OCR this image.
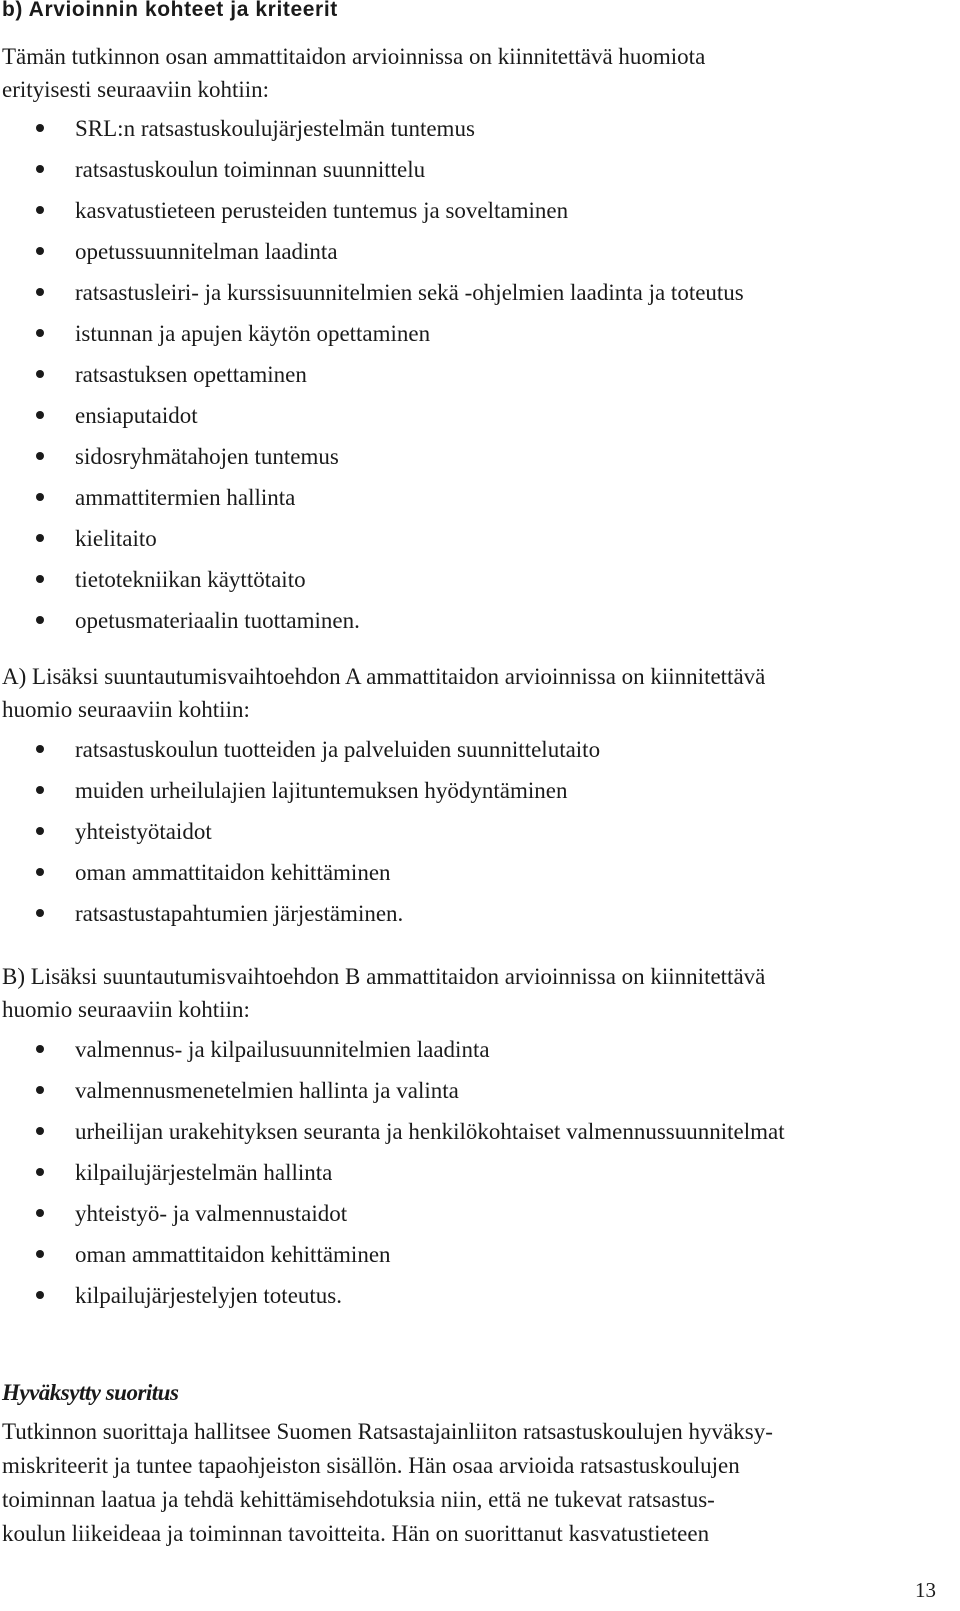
b) Arvioinnin kohteet ja kriteerit

Tämän tutkinnon osan ammattitaidon arvioinnissa on kiinnitettävä huomiota
erityisesti seuraaviin kohtiin:

SRL:n ratsastuskoulujärjestelmän tuntemus
ratsastuskoulun toiminnan suunnittelu
kasvatustieteen perusteiden tuntemus ja soveltaminen
opetussuunnitelman laadinta
ratsastusleiri- ja kurssisuunnitelmien sekä -ohjelmien laadinta ja toteutus
istunnan ja apujen käytön opettaminen
ratsastuksen opettaminen
ensiaputaidot
sidosryhmätahojen tuntemus
ammattitermien hallinta
kielitaito
tietotekniikan käyttötaito
opetusmateriaalin tuottaminen.

A) Lisäksi suuntautumisvaihtoehdon A ammattitaidon arvioinnissa on kiinnitettävä
huomio seuraaviin kohtiin:

ratsastuskoulun tuotteiden ja palveluiden suunnittelutaito
muiden urheilulajien lajituntemuksen hyödyntäminen
yhteistyötaidot
oman ammattitaidon kehittäminen
ratsastustapahtumien järjestäminen.

B) Lisäksi suuntautumisvaihtoehdon B ammattitaidon arvioinnissa on kiinnitettävä
huomio seuraaviin kohtiin:

valmennus- ja kilpailusuunnitelmien laadinta
valmennusmenetelmien hallinta ja valinta
urheilijan urakehityksen seuranta ja henkilökohtaiset valmennussuunnitelmat
kilpailujärjestelmän hallinta
yhteistyö- ja valmennustaidot
oman ammattitaidon kehittäminen
kilpailujärjestelyjen toteutus.
Hyväksytty suoritus

Tutkinnon suorittaja hallitsee Suomen Ratsastajainliiton ratsastuskoulujen hyväksy-
miskriteerit ja tuntee tapaohjeiston sisällön. Hän osaa arvioida ratsastuskoulujen
toiminnan laatua ja tehdä kehittämisehdotuksia niin, että ne tukevat ratsastus-
koulun liikeideaa ja toiminnan tavoitteita. Hän on suorittanut kasvatustieteen

13
